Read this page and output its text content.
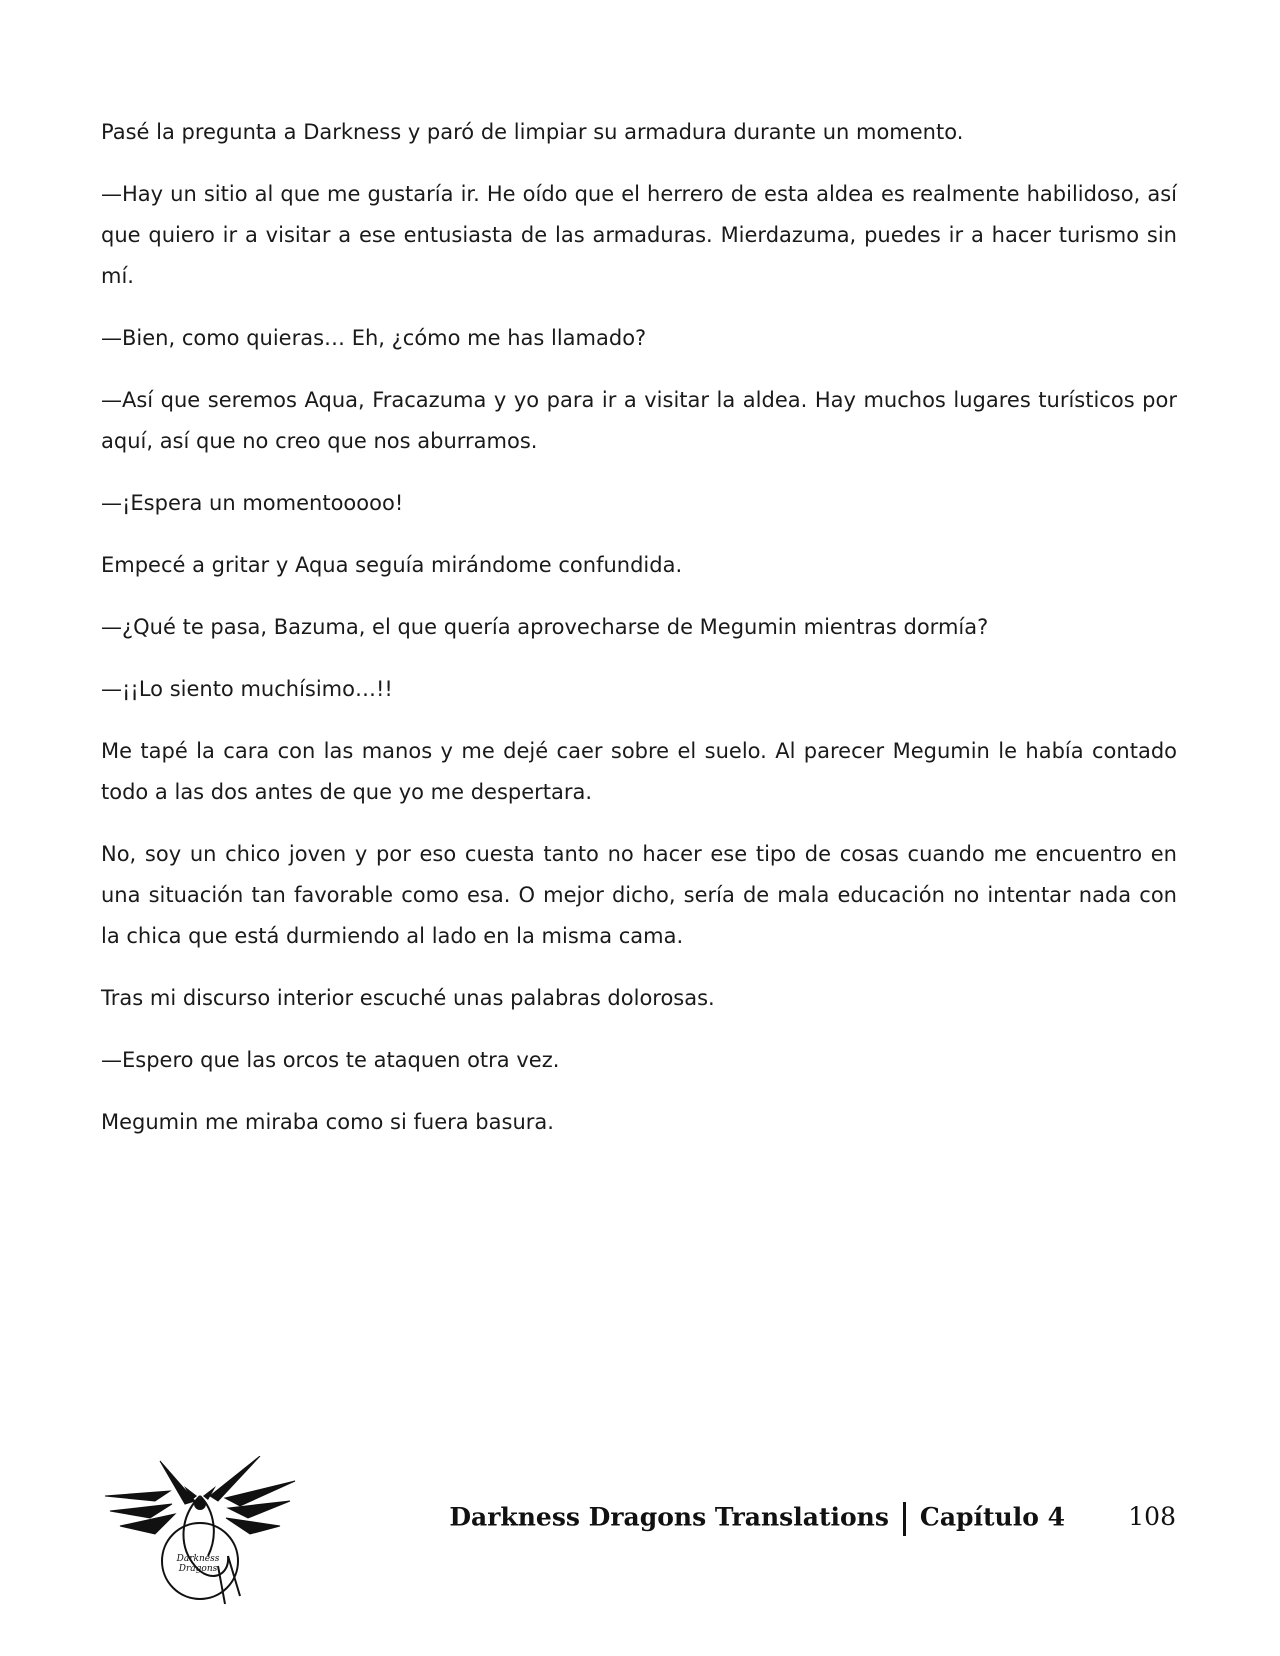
Pasé la pregunta a Darkness y paró de limpiar su armadura durante un momento.

—Hay un sitio al que me gustaría ir. He oído que el herrero de esta aldea es realmente habilidoso, así que quiero ir a visitar a ese entusiasta de las armaduras. Mierdazuma, puedes ir a hacer turismo sin mí.

—Bien, como quieras… Eh, ¿cómo me has llamado?

—Así que seremos Aqua, Fracazuma y yo para ir a visitar la aldea. Hay muchos lugares turísticos por aquí, así que no creo que nos aburramos.

—¡Espera un momentooooo!

Empecé a gritar y Aqua seguía mirándome confundida.

—¿Qué te pasa, Bazuma, el que quería aprovecharse de Megumin mientras dormía?

—¡¡Lo siento muchísimo…!!

Me tapé la cara con las manos y me dejé caer sobre el suelo. Al parecer Megumin le había contado todo a las dos antes de que yo me despertara.

No, soy un chico joven y por eso cuesta tanto no hacer ese tipo de cosas cuando me encuentro en una situación tan favorable como esa. O mejor dicho, sería de mala educación no intentar nada con la chica que está durmiendo al lado en la misma cama.

Tras mi discurso interior escuché unas palabras dolorosas.

—Espero que las orcos te ataquen otra vez.

Megumin me miraba como si fuera basura.

Darkness
Dragons
Darkness Dragons Translations Capítulo 4	108
